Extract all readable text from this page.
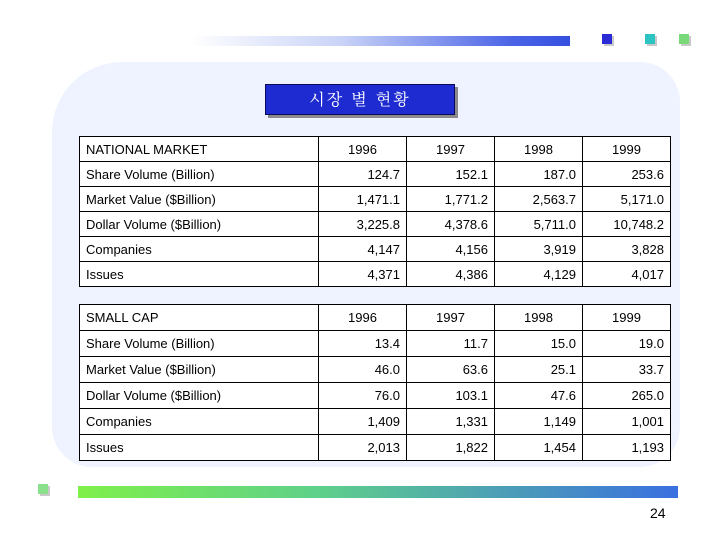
시장 별 현황
NATIONAL MARKET	1996	1997	1998	1999
Share Volume (Billion)	124.7	152.1	187.0	253.6
Market Value ($Billion)	1,471.1	1,771.2	2,563.7	5,171.0
Dollar Volume ($Billion)	3,225.8	4,378.6	5,711.0	10,748.2
Companies	4,147	4,156	3,919	3,828
Issues	4,371	4,386	4,129	4,017
SMALL CAP	1996	1997	1998	1999
Share Volume (Billion)	13.4	11.7	15.0	19.0
Market Value ($Billion)	46.0	63.6	25.1	33.7
Dollar Volume ($Billion)	76.0	103.1	47.6	265.0
Companies	1,409	1,331	1,149	1,001
Issues	2,013	1,822	1,454	1,193
24
